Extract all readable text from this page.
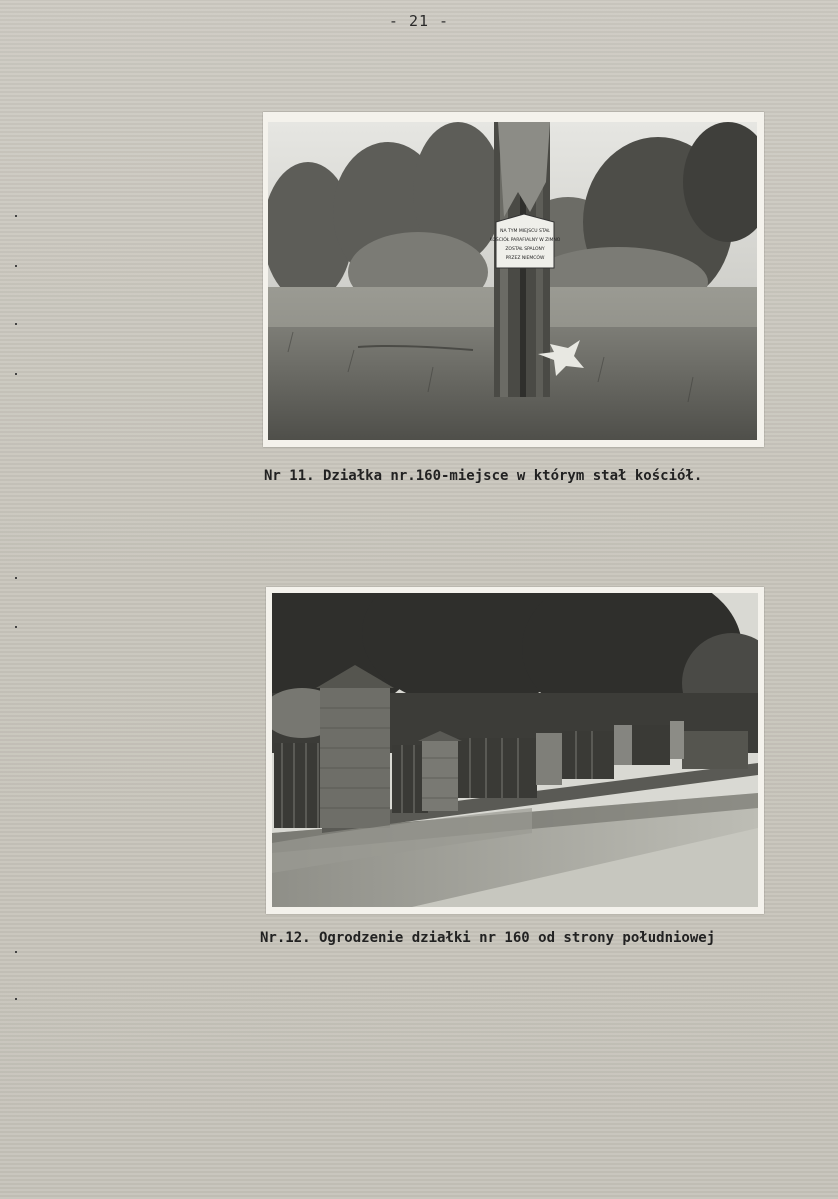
- 21 -
NA TYM MIEJSCU STAŁ
KOŚCIÓŁ PARAFIALNY W ZIMNO
ZOSTAŁ SPALONY
PRZEZ NIEMCÓW
Nr 11. Działka nr.160-miejsce w którym stał kościół.
Nr.12. Ogrodzenie działki nr 160 od strony południowej
